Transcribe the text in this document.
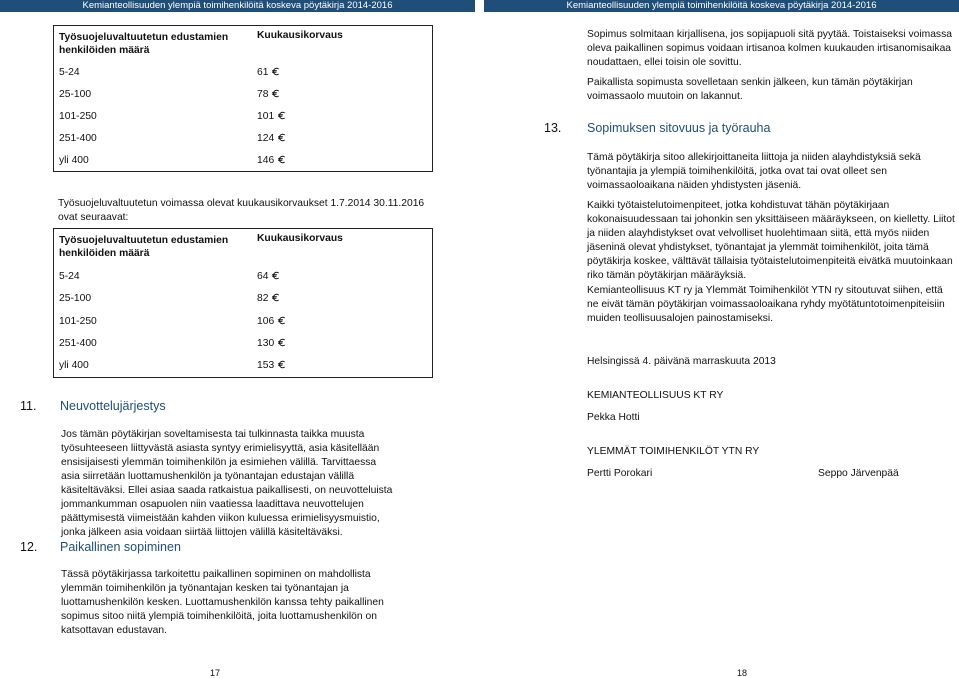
Kemianteollisuuden ylempiä toimihenkilöitä koskeva pöytäkirja 2014-2016	Kemianteollisuuden ylempiä toimihenkilöitä koskeva pöytäkirja 2014-2016
Työsuojeluvaltuutetun edustamien henkilöiden määrä	Kuukausikorvaus
5-24	61
25-100	78
101-250	101
251-400	124
yli 400	146

Työsuojeluvaltuutetun voimassa olevat kuukausikorvaukset 1.7.2014 30.11.2016 ovat seuraavat:

Työsuojeluvaltuutetun edustamien henkilöiden määrä	Kuukausikorvaus
5-24	64
25-100	82
101-250	106
251-400	130
yli 400	153
11. Neuvottelujärjestys

Jos tämän pöytäkirjan soveltamisesta tai tulkinnasta taikka muusta työsuhteeseen liittyvästä asiasta syntyy erimielisyyttä, asia käsitellään ensisijaisesti ylemmän toimihenkilön ja esimiehen välillä. Tarvittaessa asia siirretään luottamushenkilön ja työnantajan edustajan välillä käsiteltäväksi. Ellei asiaa saada ratkaistua paikallisesti, on neuvotteluista jommankumman osapuolen niin vaatiessa laadittava neuvottelujen päättymisestä viimeistään kahden viikon kuluessa erimielisyysmuistio, jonka jälkeen asia voidaan siirtää liittojen välillä käsiteltäväksi.

12. Paikallinen sopiminen

Tässä pöytäkirjassa tarkoitettu paikallinen sopiminen on mahdollista ylemmän toimihenkilön ja työnantajan kesken tai työnantajan ja luottamushenkilön kesken. Luottamushenkilön kanssa tehty paikallinen sopimus sitoo niitä ylempiä toimihenkilöitä, joita luottamushenkilön on katsottavan edustavan.

Sopimus solmitaan kirjallisena, jos sopijapuoli sitä pyytää. Toistaiseksi voimassa oleva paikallinen sopimus voidaan irtisanoa kolmen kuukauden irtisanomisaikaa noudattaen, ellei toisin ole sovittu.

Paikallista sopimusta sovelletaan senkin jälkeen, kun tämän pöytäkirjan voimassaolo muutoin on lakannut.

13. Sopimuksen sitovuus ja työrauha

Tämä pöytäkirja sitoo allekirjoittaneita liittoja ja niiden alayhdistyksiä sekä työnantajia ja ylempiä toimihenkilöitä, jotka ovat tai ovat olleet sen voimassaoloaikana näiden yhdistysten jäseniä.

Kaikki työtaistelutoimenpiteet, jotka kohdistuvat tähän pöytäkirjaan kokonaisuudessaan tai johonkin sen yksittäiseen määräykseen, on kielletty. Liitot ja niiden alayhdistykset ovat velvolliset huolehtimaan siitä, että myös niiden jäseninä olevat yhdistykset, työnantajat ja ylemmät toimihenkilöt, joita tämä pöytäkirja koskee, välttävät tällaisia työtaistelutoimenpiteitä eivätkä muutoinkaan riko tämän pöytäkirjan määräyksiä.

Kemianteollisuus KT ry ja Ylemmät Toimihenkilöt YTN ry sitoutuvat siihen, että ne eivät tämän pöytäkirjan voimassaoloaikana ryhdy myötätuntotoimenpiteisiin muiden teollisuusalojen painostamiseksi.

Helsingissä 4. päivänä marraskuuta 2013

KEMIANTEOLLISUUS KT RY

Pekka Hotti

YLEMMÄT TOIMIHENKILÖT YTN RY

Pertti Porokari	Seppo Järvenpää

17	18
